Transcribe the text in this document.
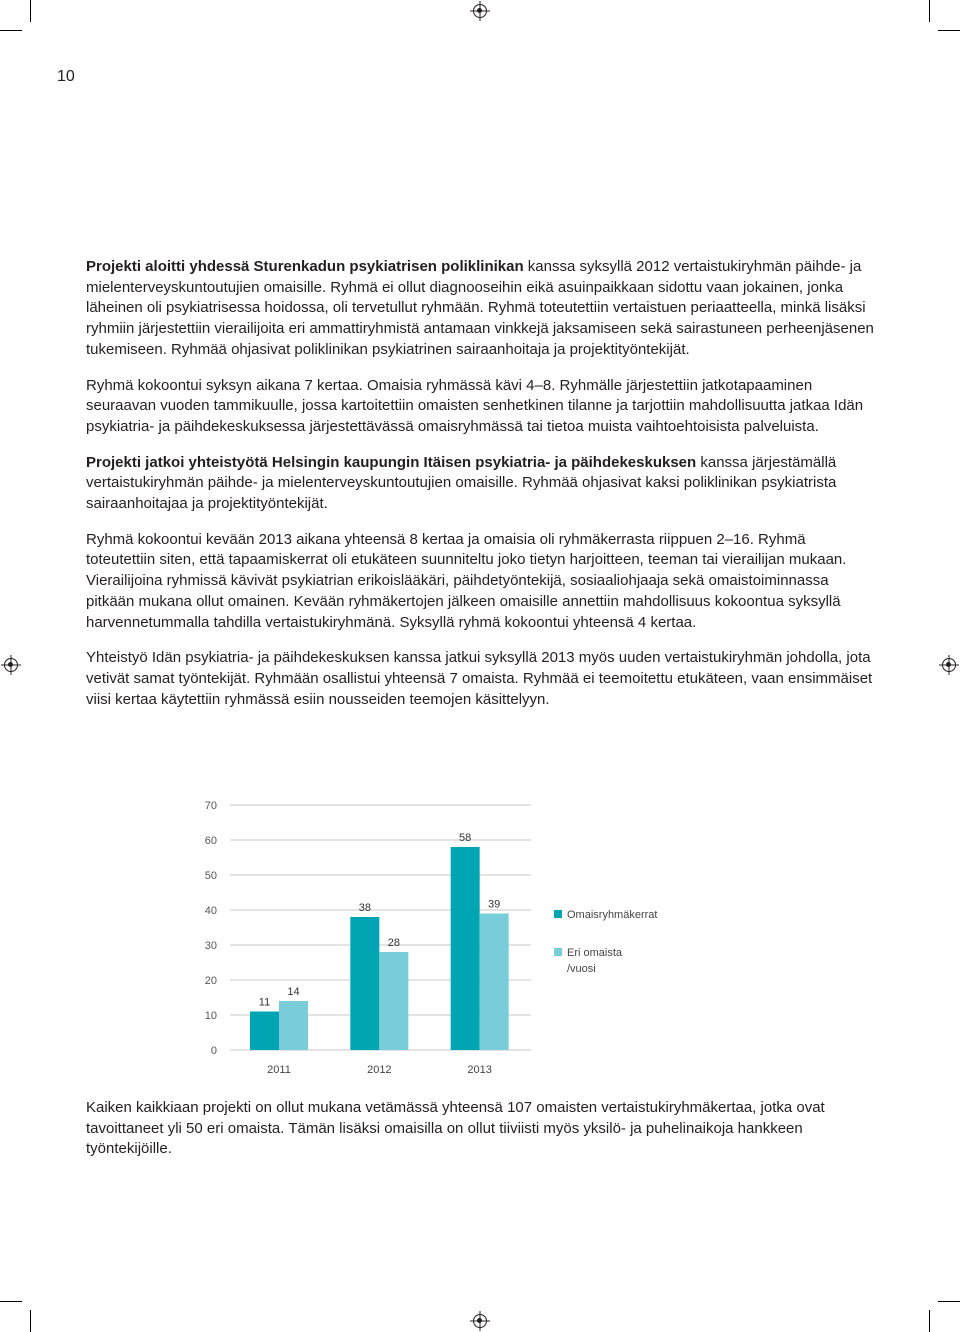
10

Projekti aloitti yhdessä Sturenkadun psykiatrisen poliklinikan kanssa syksyllä 2012 vertaistukiryhmän päihde- ja mielenterveyskuntoutujien omaisille. Ryhmä ei ollut diagnooseihin eikä asuinpaikkaan sidottu vaan jokainen, jonka läheinen oli psykiatrisessa hoidossa, oli tervetullut ryhmään. Ryhmä toteutettiin vertaistuen periaatteella, minkä lisäksi ryhmiin järjestettiin vierailijoita eri ammattiryhmistä antamaan vinkkejä jaksamiseen sekä sairastuneen perheenjäsenen tukemiseen. Ryhmää ohjasivat poliklinikan psykiatrinen sairaanhoitaja ja projektityöntekijät.

Ryhmä kokoontui syksyn aikana 7 kertaa. Omaisia ryhmässä kävi 4–8. Ryhmälle järjestettiin jatkotapaaminen seuraavan vuoden tammikuulle, jossa kartoitettiin omaisten senhetkinen tilanne ja tarjottiin mahdollisuutta jatkaa Idän psykiatria- ja päihdekeskuksessa järjestettävässä omaisryhmässä tai tietoa muista vaihtoehtoisista palveluista.

Projekti jatkoi yhteistyötä Helsingin kaupungin Itäisen psykiatria- ja päihdekeskuksen kanssa järjestämällä vertaistukiryhmän päihde- ja mielenterveyskuntoutujien omaisille. Ryhmää ohjasivat kaksi poliklinikan psykiatrista sairaanhoitajaa ja projektityöntekijät.

Ryhmä kokoontui kevään 2013 aikana yhteensä 8 kertaa ja omaisia oli ryhmäkerrasta riippuen 2–16. Ryhmä toteutettiin siten, että tapaamiskerrat oli etukäteen suunniteltu joko tietyn harjoitteen, teeman tai vierailijan mukaan. Vierailijoina ryhmissä kävivät psykiatrian erikoislääkäri, päihdetyöntekijä, sosiaaliohjaaja sekä omaistoiminnassa pitkään mukana ollut omainen. Kevään ryhmäkertojen jälkeen omaisille annettiin mahdollisuus kokoontua syksyllä harvennetummalla tahdilla vertaistukiryhmänä. Syksyllä ryhmä kokoontui yhteensä 4 kertaa.

Yhteistyö Idän psykiatria- ja päihdekeskuksen kanssa jatkui syksyllä 2013 myös uuden vertaistukiryhmän johdolla, jota vetivät samat työntekijät. Ryhmään osallistui yhteensä 7 omaista. Ryhmää ei teemoitettu etukäteen, vaan ensimmäiset viisi kertaa käytettiin ryhmässä esiin nousseiden teemojen käsittelyyn.

0
10
20
30
40
50
60
70
11
14
2011
38
28
2012
58
39
2013
Omaisryhmäkerrat
Eri omaista /vuosi
Kaiken kaikkiaan projekti on ollut mukana vetämässä yhteensä 107 omaisten vertaistukiryhmäkertaa, jotka ovat tavoittaneet yli 50 eri omaista. Tämän lisäksi omaisilla on ollut tiiviisti myös yksilö- ja puhelinaikoja hankkeen työntekijöille.
